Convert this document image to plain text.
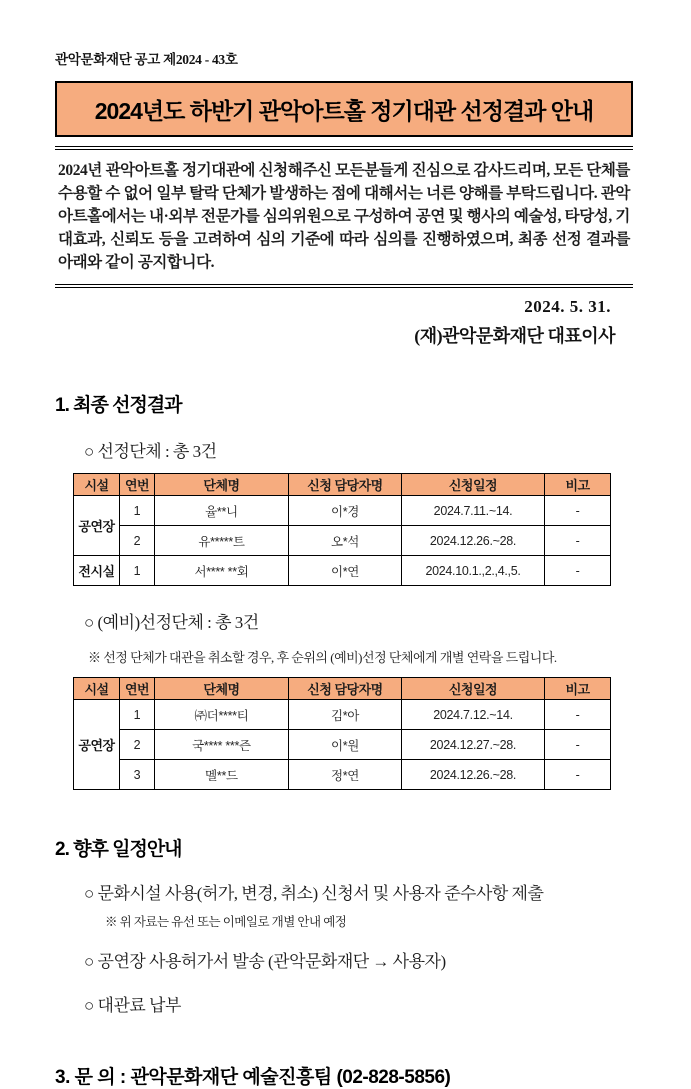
관악문화재단 공고 제2024 - 43호
2024년도 하반기 관악아트홀 정기대관 선정결과 안내
2024년 관악아트홀 정기대관에 신청해주신 모든분들게 진심으로 감사드리며, 모든 단체를 수용할 수 없어 일부 탈락 단체가 발생하는 점에 대해서는 너른 양해를 부탁드립니다. 관악아트홀에서는 내·외부 전문가를 심의위원으로 구성하여 공연 및 행사의 예술성, 타당성, 기대효과, 신뢰도 등을 고려하여 심의 기준에 따라 심의를 진행하였으며, 최종 선정 결과를 아래와 같이 공지합니다.
2024. 5. 31.
(재)관악문화재단 대표이사
1. 최종 선정결과
○ 선정단체 : 총 3건
시설	연번	단체명	신청 담당자명	신청일정	비고
공연장	1	율**니	이*경	2024.7.11.~14.	-
	2	유*****트	오*석	2024.12.26.~28.	-
전시실	1	서**** **회	이*연	2024.10.1.,2.,4.,5.	-
○ (예비)선정단체 : 총 3건
※ 선정 단체가 대관을 취소할 경우, 후 순위의 (예비)선정 단체에게 개별 연락을 드립니다.
시설	연번	단체명	신청 담당자명	신청일정	비고
공연장	1	㈜더****티	김*아	2024.7.12.~14.	-
	2	국**** ***즌	이*원	2024.12.27.~28.	-
	3	멜**드	정*연	2024.12.26.~28.	-
2. 향후 일정안내
○ 문화시설 사용(허가, 변경, 취소) 신청서 및 사용자 준수사항 제출
※ 위 자료는 유선 또는 이메일로 개별 안내 예정
○ 공연장 사용허가서 발송 (관악문화재단 → 사용자)
○ 대관료 납부
3. 문 의 : 관악문화재단 예술진흥팀 (02-828-5856)
